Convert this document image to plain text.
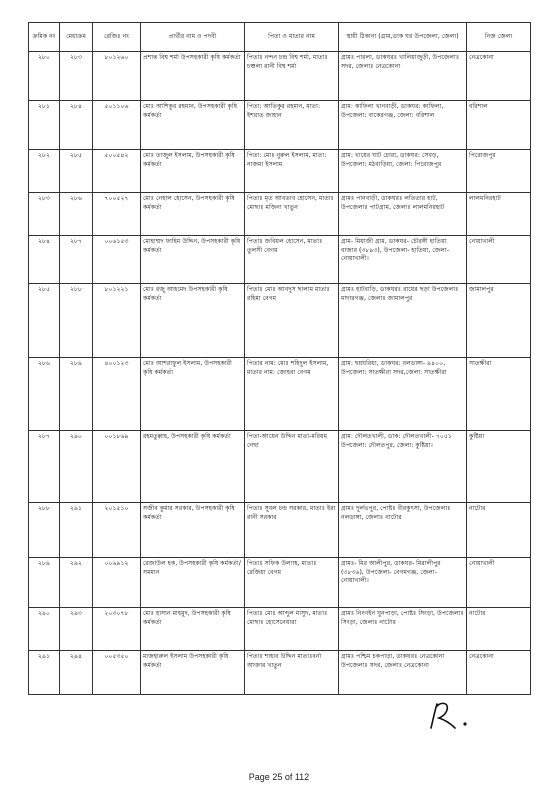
ক্রমিক নং	মেধাক্রম	রেজিঃ নং	প্রার্থীর নাম ও পদবী	পিতা ও মাতার নাম	স্থায়ী ঠিকানা (গ্রাম,ডাক ঘর উপজেলা, জেলা)	নিজ জেলা
২৮০	২৮৩	৮০১২৬০	প্রশান্ত বিশ্ব শর্মা উপসহকারী কৃষি কর্মকর্তা	পিতাঃ নন্দন চন্দ্র বিশ্ব শর্মা, মাতাঃ চঞ্চলা রানী বিশ্ব শর্মা	গ্রামঃ পারলা, ডাকঘরঃ খালিয়াজুড়ী, উপজেলাঃ সদর, জেলাঃ নেত্রকোনা	নেত্রকোনা
২৮১	২৮৪	৫০১১০৬	মোঃ আশিকুর রহমান, উপসহকারী কৃষি কর্মকর্তা	পিতা: আতিকুর রহমান, মাতা: ইশরাত জাহান	গ্রাম: কাফিলা খানবাড়ী, ডাকঘর: কাফিলা, উপজেলা: বাকেরগঞ্জ, জেলা: বরিশাল	বরিশাল
২৮২	২৮৫	৫০০৫৪২	মোঃ তাজুল ইসলাম, উপসহকারী কৃষি কর্মকর্তা	পিতা: মোঃ নুরুল ইসলাম, মাতা: নাজমা ইসলাম	গ্রাম: খায়ের ঘাট চোরা, ডাকঘর: সেবড়, উপজেলা: মঠবাড়িয়া, জেলা: পিরোজপুর	পিরোজপুর
২৮৩	২৮৬	৭০০৫২৭	মোঃ নেহাল হোসেন, উপসহকারী কৃষি কর্মকর্তা	পিতাঃ মৃত আবতাব হোসেন, মাতাঃ মোছাঃ মজিনা খাতুন	গ্রামঃ পানবাড়ী, ডাকঘরঃ লতিতার হাট, উপজেলাঃ পাটগ্রাম, জেলাঃ লালমনিরহাট	লালমনিরহাট
২৮৪	২৮৭	০০৬১৫৩	মোহাম্মদ ফাহিম উদ্দিন, উপসহকারী কৃষি কর্মকর্তা	পিতাঃ জবিয়ল হোসেন, মাতাঃ তুলসী বেগম	গ্রাম- মিয়াজী গ্রাম, ডাকঘর- চৌরঙ্গী হাতিয়া বাজার (৩৮৯৩), উপজেলা- হাতিয়া, জেলা- নোয়াখালী।	নোয়াখালী
২৮৫	২৮৮	৮০১২২১	মোঃ রজু আহমেদ উপসহকারী কৃষি কর্মকর্তা	পিতাঃ মোঃ আবদুস ছালাম মাতাঃ রহিমা বেগম	গ্রামঃ হাটবাড়ি, ডাকঘরঃ রায়ের ছড়া উপজেলাঃ মাদারগঞ্জ, জেলাঃ জামালপুর	জামালপুর
২৮৬	২৮৯	৪০০১২৩	মোঃ আশরাফুল ইসলাম, উপসহকারী কৃষি কর্মকর্তা	পিতার নাম: মোঃ শহিদুল ইসলাম, মাতার নাম: জোহরা বেগম	গ্রাম: ছয়ঘরিয়া, ডাকঘর: বলডাঙ্গা- ৯৪০০, উপজেলা: সাতক্ষীরা সদর,জেলা: সাতক্ষীরা	সাতক্ষীরা
২৮৭	২৯০	০০১৮৬৯	রহমতুল্লাহ, উপসহকারী কৃষি কর্মকর্তা	পিতা-আয়েন উদ্দিন মাতা-মরিয়ম নেছা	গ্রাম: দৌলতখালী, ডাক: দৌলতখালী- ৭০৫১ উপজেলা: দৌলতপুর, জেলা: কুষ্টিয়া।	কুষ্টিয়া
২৮৮	২৯১	২০১৫১০	সজীব কুমার সরকার, উপসহকারী কৃষি কর্মকর্তা	পিতাঃ সুবল চন্দ্র সরকার, মাতাঃ ইরা রানী সরকার	গ্রামঃ দুর্লভপুর, পোষ্টঃ বীরকুৎসা, উপজেলাঃ নলডাঙ্গা, জেলাঃ নাটোর	নাটোর
২৮৯	২৯২	০০৬৯১২	রেজাউল হক, উপসহকারী কৃষি কর্মকর্তা/সমমান	পিতাঃ সফিক উল্যাহ, মাতাঃ রেজিয়া বেগম	গ্রামঃ- মির আলীপুর, ডাকঘর- মিরালীপুর (৩৮৩৬), উপজেলা- বেগমগঞ্জ, জেলা- নোয়াখালী।	নোয়াখালী
২৯০	২৯৩	২০৩০৭৮	মোঃ হাসান মাহমুদ, উপসহকারী কৃষি কর্মকর্তা	পিতাঃ মোঃ আব্দুল মাসুদ, মাতাঃ মোছাঃ হোসেনেয়ারা	গ্রামঃ নিংগইন ঘুনপাড়া, পোষ্টঃ সিংড়া, উপজেলাঃ সিংড়া, জেলাঃ নাটোর	নাটোর
২৯১	২৯৪	০০৫৩৫০	মাজহারুল ইসলাম উপসহকারী কৃষি কর্মকর্তা	পিতাঃ শাহাব উদ্দিন মাতাঃবর্না আক্তার খাতুন	গ্রামঃ পশ্চিম চকপাড়া, ডাকঘরঃ নেত্রকোনা উপজেলাঃ সদর, জেলাঃ নেত্রকোনা	নেত্রকোনা
Page 25 of 112
